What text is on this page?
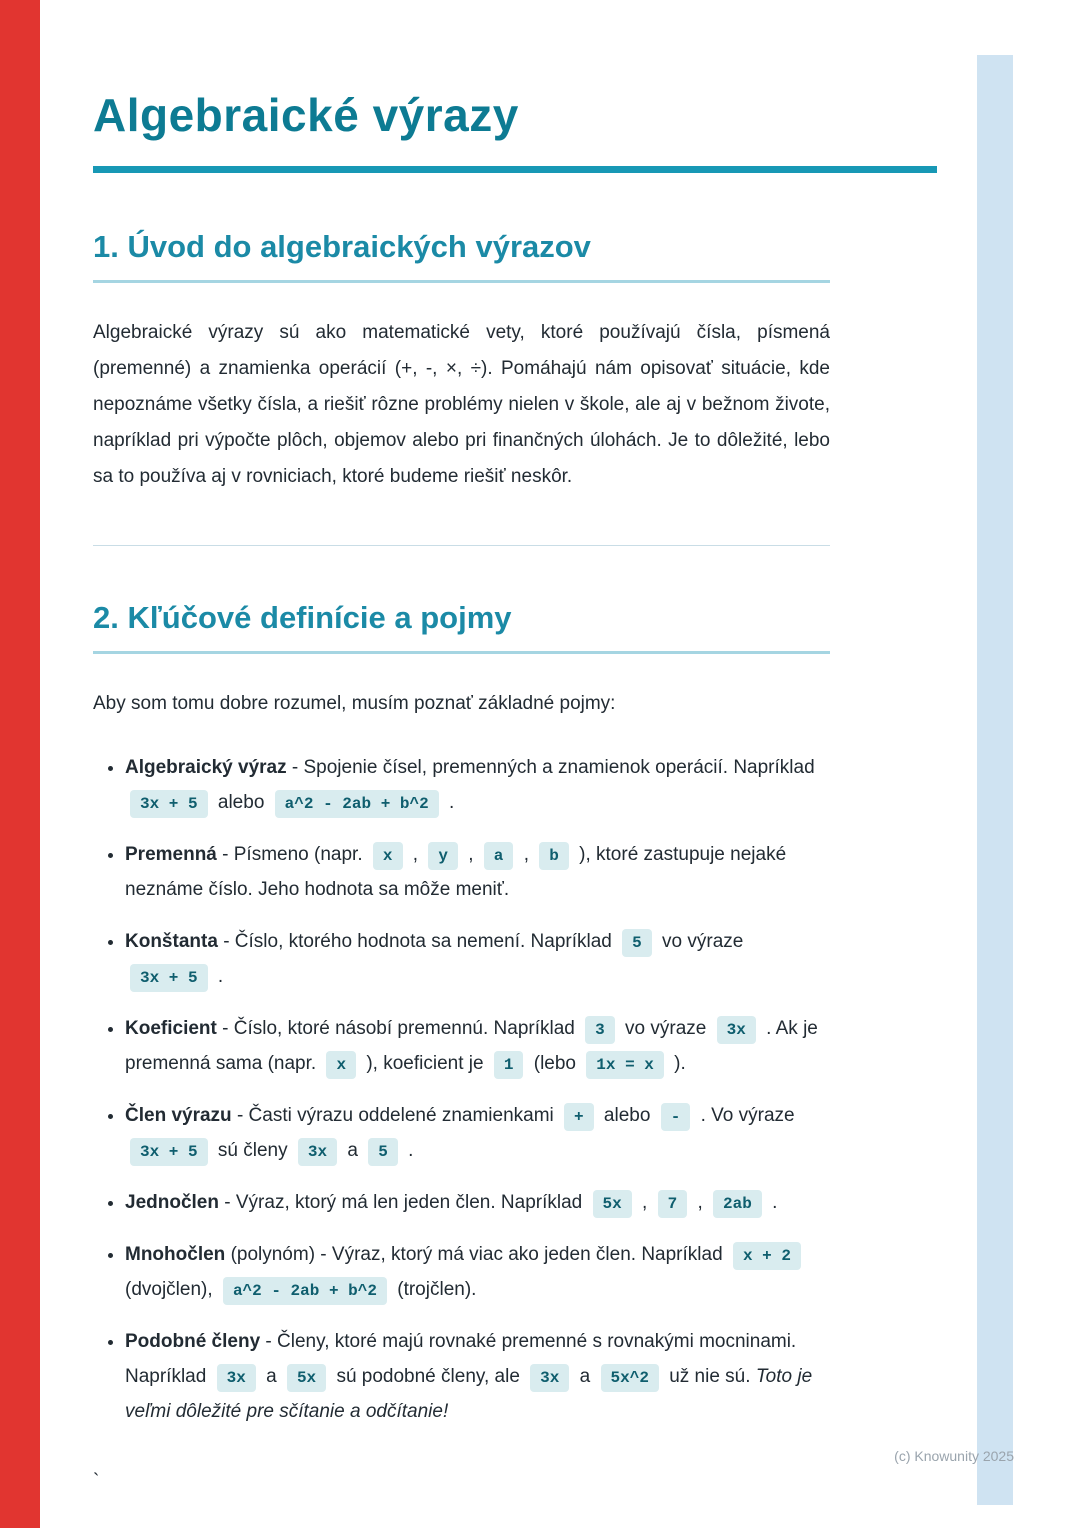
Algebraické výrazy
1. Úvod do algebraických výrazov

Algebraické výrazy sú ako matematické vety, ktoré používajú čísla, písmená (premenné) a znamienka operácií (+, -, ×, ÷). Pomáhajú nám opisovať situácie, kde nepoznáme všetky čísla, a riešiť rôzne problémy nielen v škole, ale aj v bežnom živote, napríklad pri výpočte plôch, objemov alebo pri finančných úlohách. Je to dôležité, lebo sa to používa aj v rovniciach, ktoré budeme riešiť neskôr.

2. Kľúčové definície a pojmy

Aby som tomu dobre rozumel, musím poznať základné pojmy:

• Algebraický výraz - Spojenie čísel, premenných a znamienok operácií. Napríklad 3x + 5 alebo a^2 - 2ab + b^2 .
• Premenná - Písmeno (napr. x , y , a , b ), ktoré zastupuje nejaké neznáme číslo. Jeho hodnota sa môže meniť.
• Konštanta - Číslo, ktorého hodnota sa nemení. Napríklad 5 vo výraze 3x + 5 .
• Koeficient - Číslo, ktoré násobí premennú. Napríklad 3 vo výraze 3x . Ak je premenná sama (napr. x ), koeficient je 1 (lebo 1x = x ).
• Člen výrazu - Časti výrazu oddelené znamienkami + alebo - . Vo výraze 3x + 5 sú členy 3x a 5 .
• Jednočlen - Výraz, ktorý má len jeden člen. Napríklad 5x , 7 , 2ab .
• Mnohočlen (polynóm) - Výraz, ktorý má viac ako jeden člen. Napríklad x + 2 (dvojčlen), a^2 - 2ab + b^2 (trojčlen).
• Podobné členy - Členy, ktoré majú rovnaké premenné s rovnakými mocninami. Napríklad 3x a 5x sú podobné členy, ale 3x a 5x^2 už nie sú. Toto je veľmi dôležité pre sčítanie a odčítanie!
`
(c) Knowunity 2025
